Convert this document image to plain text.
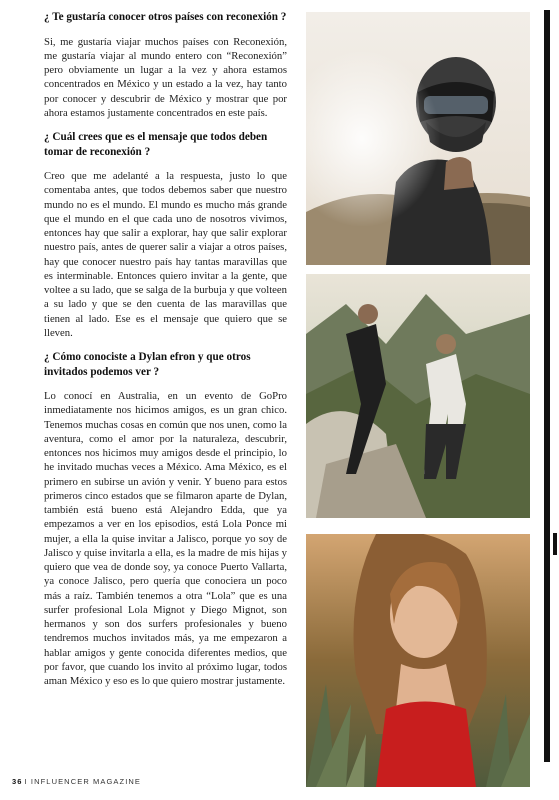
¿ Te gustaría conocer otros países con reconexión ?

Si, me gustaría viajar muchos países con Reconexión, me gustaría viajar al mundo entero con “Reconexión” pero obviamente un lugar a la vez y ahora estamos concentrados en México y un estado a la vez, hay tanto por conocer y descubrir de México y mostrar que por ahora estamos justamente concentrados en este país.

¿ Cuál crees que es el mensaje que todos deben tomar de reconexión ?

Creo que me adelanté a la respuesta, justo lo que comentaba antes, que todos debemos saber que nuestro mundo no es el mundo. El mundo es mucho más grande que el mundo en el que cada uno de nosotros vivimos, entonces hay que salir a explorar, hay que salir explorar nuestro país, antes de querer salir a viajar a otros países, hay que conocer nuestro país hay tantas maravillas que es interminable. Entonces quiero invitar a la gente, que voltee a su lado, que se salga de la burbuja y que volteen a su lado y que se den cuenta de las maravillas que tienen al lado. Ese es el mensaje que quiero que se lleven.

¿ Cómo conociste a Dylan efron y que otros invitados podemos ver ?

Lo conocí en Australia, en un evento de GoPro inmediatamente nos hicimos amigos, es un gran chico. Tenemos muchas cosas en común que nos unen, como la aventura, como el amor por la naturaleza, descubrir, entonces nos hicimos muy amigos desde el principio, lo he invitado muchas veces a México. Ama México, es el primero en subirse un avión y venir. Y bueno para estos primeros cinco estados que se filmaron aparte de Dylan, también está bueno está Alejandro Edda, que ya empezamos a ver en los episodios, está Lola Ponce mi mujer, a ella la quise invitar a Jalisco, porque yo soy de Jalisco y quise invitarla a ella, es la madre de mis hijas y quiero que vea de donde soy, ya conoce Puerto Vallarta, ya conoce Jalisco, pero quería que conociera un poco más a raíz. También tenemos a otra “Lola” que es una surfer profesional Lola Mignot y Diego Mignot, son hermanos y son dos surfers profesionales y bueno tendremos muchos invitados más, ya me empezaron a hablar amigos y gente conocida diferentes medios, que por favor, que cuando los invito al próximo lugar, todos aman México y eso es lo que quiero mostrar justamente.

36 I INFLUENCER MAGAZINE
